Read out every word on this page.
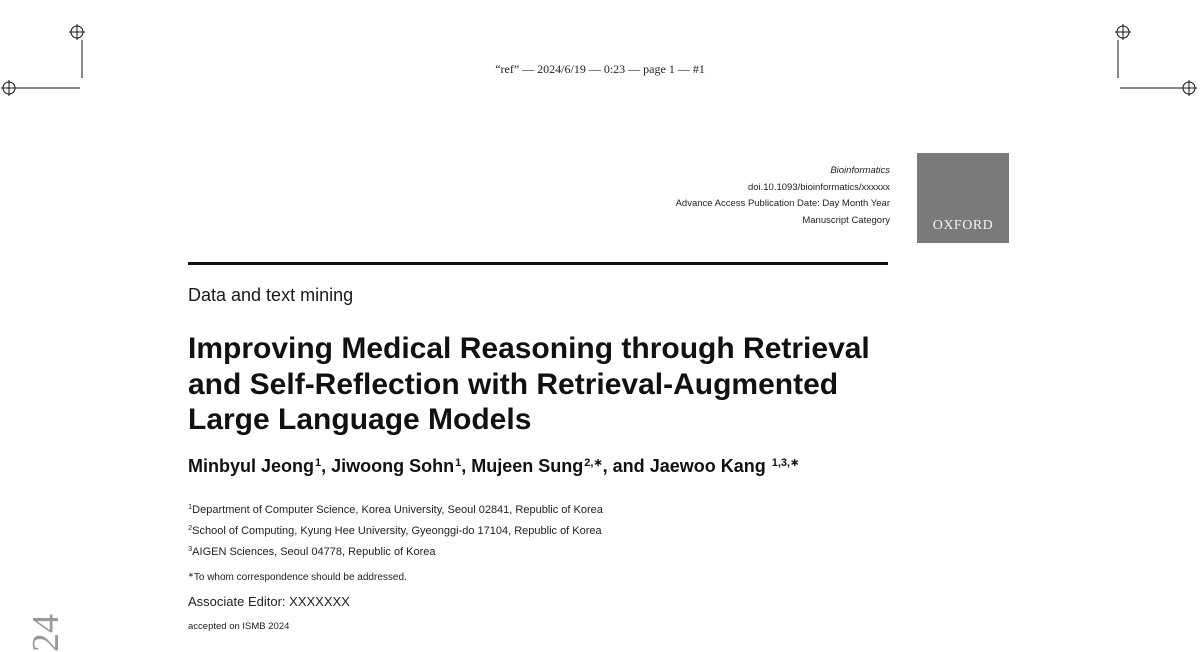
“ref” — 2024/6/19 — 0:23 — page 1 — #1
Bioinformatics
doi.10.1093/bioinformatics/xxxxxx
Advance Access Publication Date: Day Month Year
Manuscript Category	OXFORD
Data and text mining
Improving Medical Reasoning through Retrieval
and Self-Reflection with Retrieval-Augmented
Large Language Models
Minbyul Jeong$^1$, Jiwoong Sohn$^1$, Mujeen Sung$^{2,∗}$, and Jaewoo Kang $^{1,3,∗}$
$^1$Department of Computer Science, Korea University, Seoul 02841, Republic of Korea
$^2$School of Computing, Kyung Hee University, Gyeonggi-do 17104, Republic of Korea
$^3$AIGEN Sciences, Seoul 04778, Republic of Korea
∗To whom correspondence should be addressed.
Associate Editor: XXXXXXX
accepted on ISMB 2024
24
